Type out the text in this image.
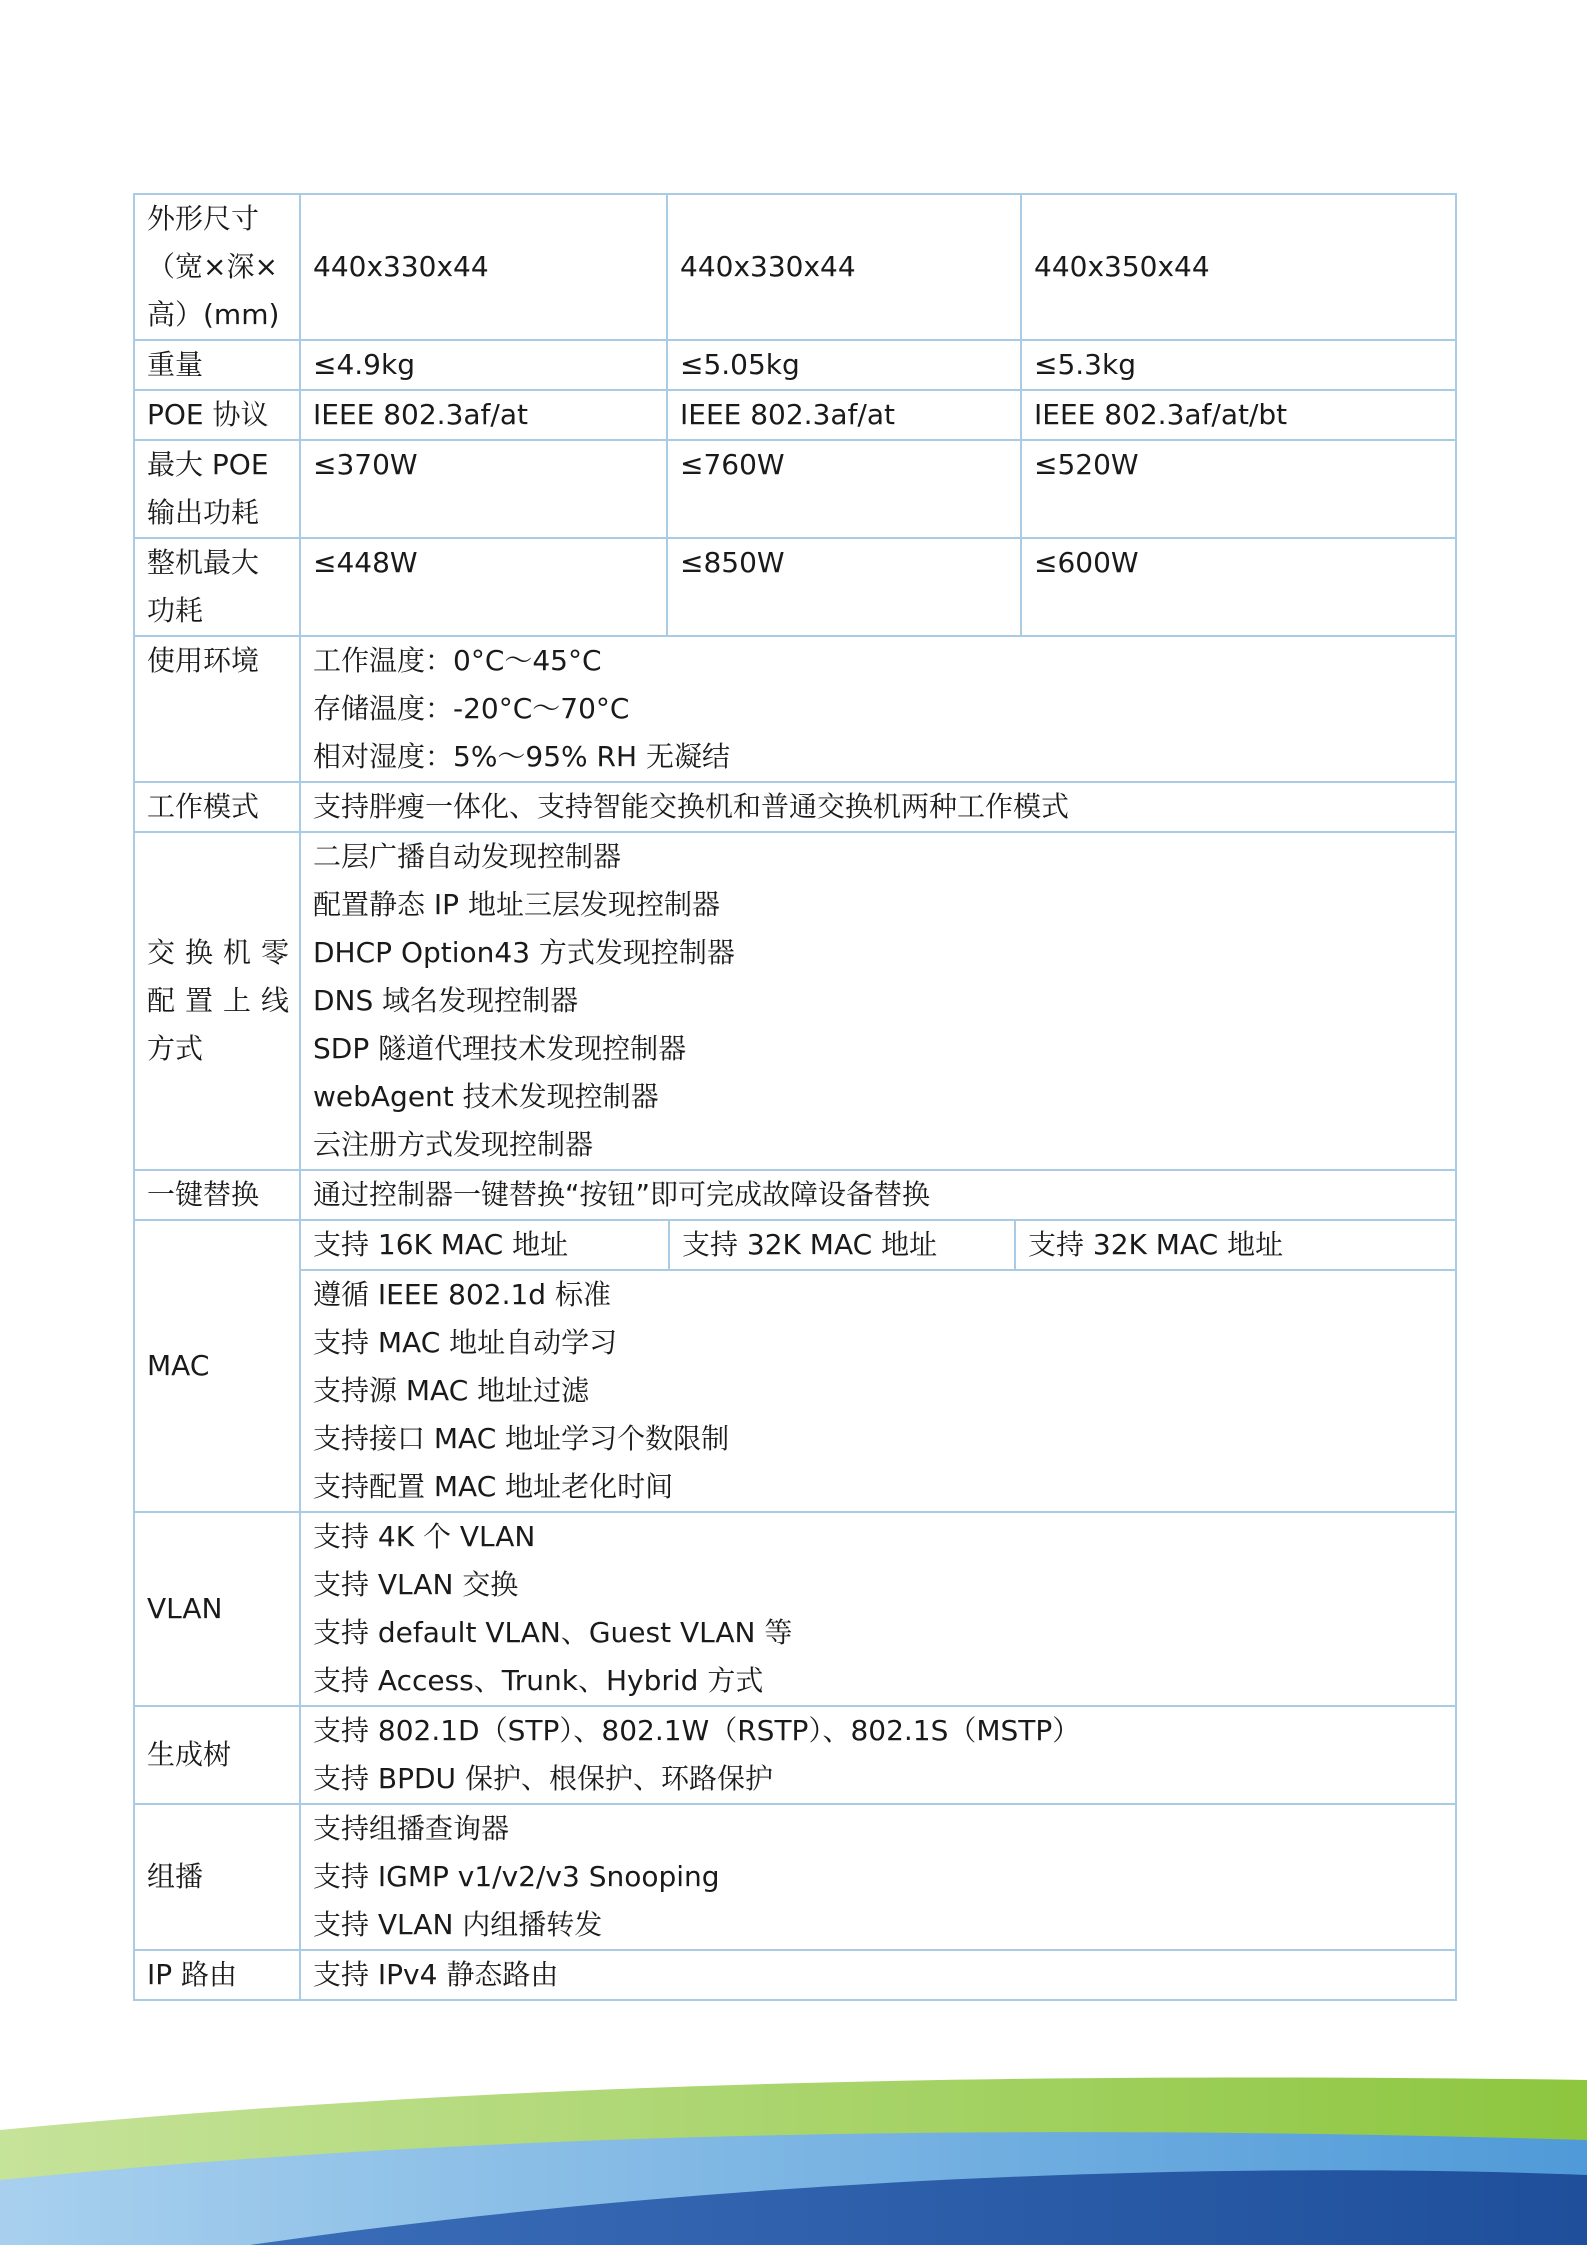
外形尺寸
（宽×深×
高）(mm)
	440x330x44	440x330x44	440x350x44
重量	≤4.9kg	≤5.05kg	≤5.3kg
POE 协议	IEEE 802.3af/at	IEEE 802.3af/at	IEEE 802.3af/at/bt

最大 POE
输出功耗
	≤370W	≤760W	≤520W

整机最大
功耗
	≤448W	≤850W	≤600W
使用环境	工作温度：0°C～45°C
存储温度：-20°C～70°C
相对湿度：5%～95% RH 无凝结

工作模式	支持胖瘦一体化、支持智能交换机和普通交换机两种工作模式

交换机零
配置上线
方式

二层广播自动发现控制器
配置静态 IP 地址三层发现控制器
DHCP Option43 方式发现控制器
DNS 域名发现控制器
SDP 隧道代理技术发现控制器
webAgent 技术发现控制器
云注册方式发现控制器

一键替换	通过控制器一键替换“按钮”即可完成故障设备替换
MAC	
支持 16K MAC 地址	支持 32K MAC 地址	支持 32K MAC 地址

遵循 IEEE 802.1d 标准
支持 MAC 地址自动学习
支持源 MAC 地址过滤
支持接口 MAC 地址学习个数限制
支持配置 MAC 地址老化时间

VLAN	
支持 4K 个 VLAN
支持 VLAN 交换
支持 default VLAN、Guest VLAN 等
支持 Access、Trunk、Hybrid 方式

生成树	
支持 802.1D（STP）、802.1W（RSTP）、802.1S（MSTP）
支持 BPDU 保护、根保护、环路保护

组播	
支持组播查询器
支持 IGMP v1/v2/v3 Snooping
支持 VLAN 内组播转发

IP 路由	支持 IPv4 静态路由
